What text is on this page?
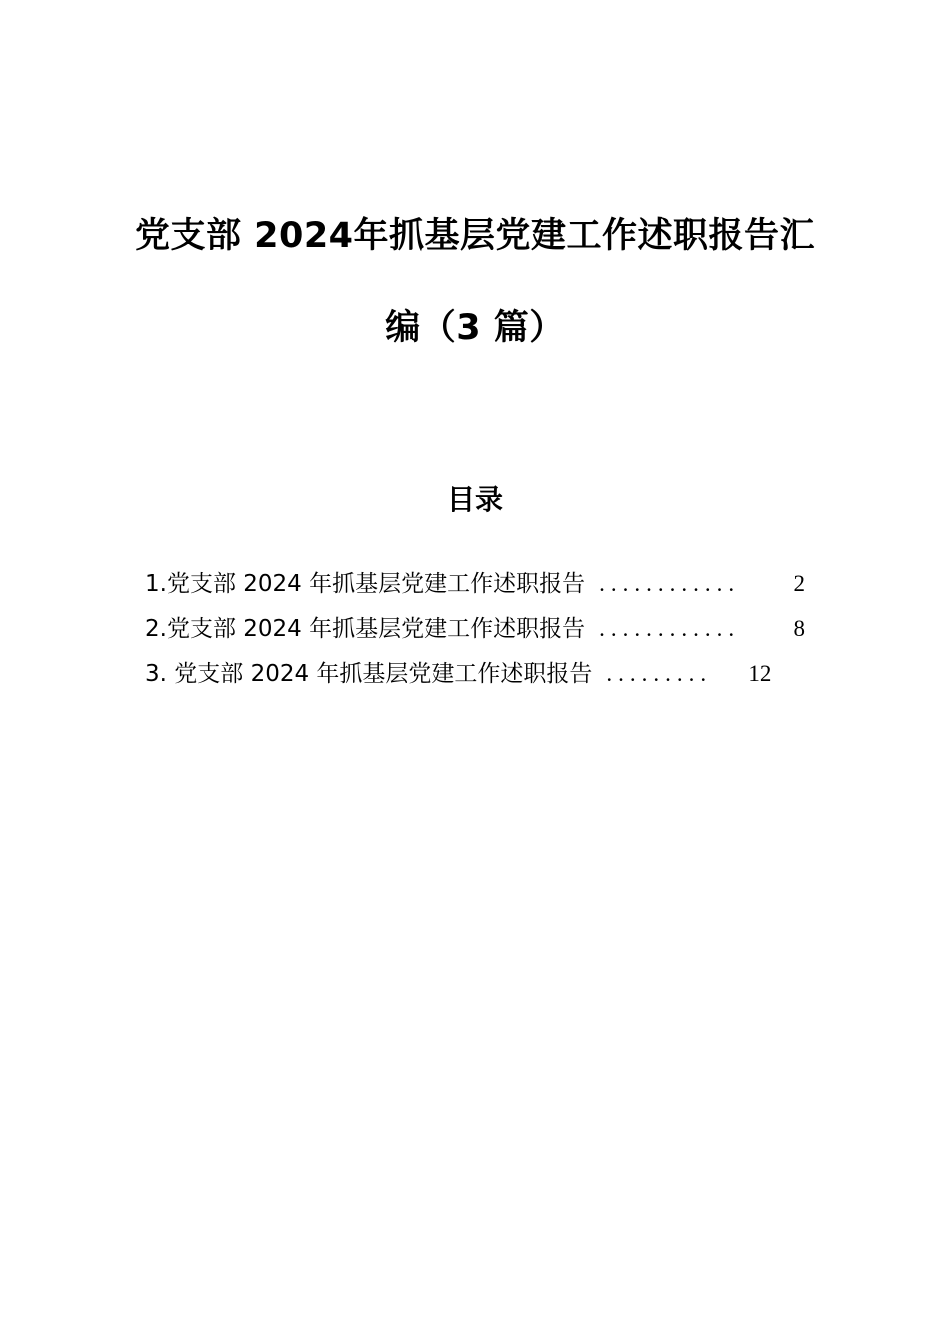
党支部 2024年抓基层党建工作述职报告汇
编（3 篇）
目录
1.党支部 2024 年抓基层党建工作述职报告 ............	2
2.党支部 2024 年抓基层党建工作述职报告 ............	8
3. 党支部 2024 年抓基层党建工作述职报告 .........	12
